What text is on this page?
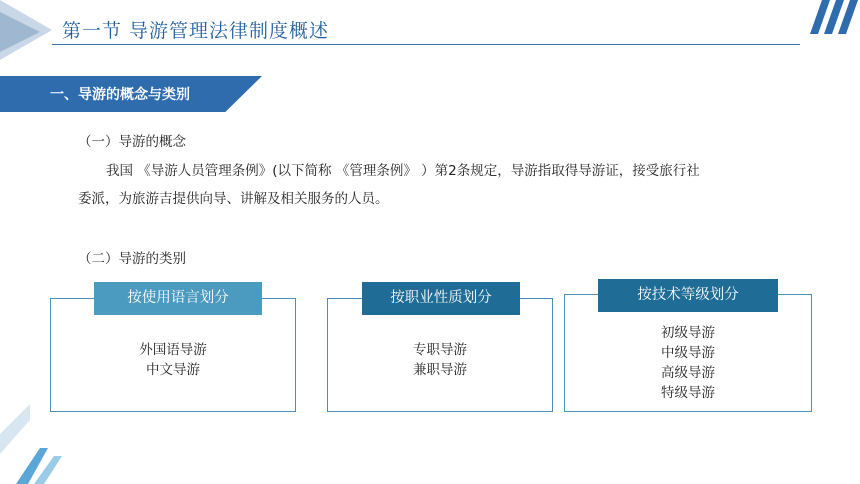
第一节 导游管理法律制度概述
一、导游的概念与类别
（一）导游的概念
我国 《导游人员管理条例》(以下简称 《管理条例》 ）第2条规定，导游指取得导游证，接受旅行社
委派，为旅游吉提供向导、讲解及相关服务的人员。
（二）导游的类别
按使用语言划分
外国语导游
中文导游
按职业性质划分
专职导游
兼职导游
按技术等级划分
初级导游
中级导游
高级导游
特级导游
